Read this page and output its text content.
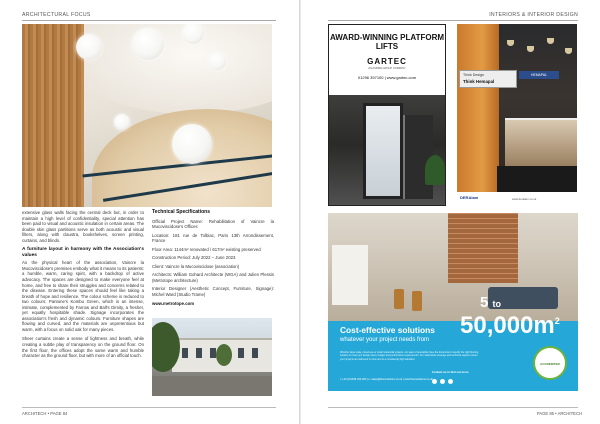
ARCHITECTURAL FOCUS

extensive glass walls facing the central deck but, in order to maintain a high level of confidentiality, special attention has been paid to visual and acoustic insulation in certain areas. The double skin glass partitions serve as both acoustic and visual filters, along with claustra, bookshelves, screen printing, curtains, and blinds.

A furniture layout in harmony with the Association's values

As the physical heart of the association, Vaincre la Mucoviscidose's premises embody what it means to its patients: a humble, warm, caring spirit, with a backdrop of active advocacy. The spaces are designed to make everyone feel at home, and free to share their struggles and concerns related to the disease. Entering these spaces should feel like taking a breath of hope and resilience. The colour scheme is reduced to two colours: Pantone's Kombu Green, which is an intense, intimate, complemented by Farrow and Ball's Dimity, a fresher, yet equally hospitable shade. Signage incorporates the association's fresh and dynamic colours. Furniture shapes are flowing and curved, and the materials are unpretentious but warm, with a focus on solid oak for many pieces.

Sheer curtains create a sense of lightness and breath, while creating a subtle play of transparency on the ground floor. On the first floor, the offices adopt the same warm and humble character as the ground floor, but with more of an official touch.

Technical Specifications

Official Project Name: Rehabilitation of Vaincre la Mucoviscidose's Offices

Location: 181 rue de Tolbiac, Paris 13th Arrondissement, France

Floor Area: 1144m² renovated / 617m² existing preserved

Construction Period: July 2022 – June 2023

Client: Vaincre la Mucoviscidose (association)

Architects: William Gohard Architecte (WGA) and Julien Plessis (Metrotope architecture)

Interior Designer (Aesthetic Concept, Furniture, Signage): Michel Ward (Studio Trame)

www.metrotope.com

ARCHITECH • PAGE 84
INTERIORS & INTERIOR DESIGN
AWARD-WINNING PLATFORM LIFTS
GARTEC
AN ASPIRE GROUP COMPANY
01296 397100 | www.gartec.com	Think Design
Think Hemapal
HEMAPAL
DERAlam	www.deralam.co.uk
Cost-effective solutions
whatever your project needs from
5 to
$50,000m^2$
Whether large scale, mixed-use or small residential projects, our team of specialists have the know-how to specify the right flooring solution to meet your design intent, budget and performance requirements. Our nationwide coverage and technical support ensure your projects are delivered on time and to a consistently high standard.
Contact us to find out more
t: +44 (0)1635 232 000 | e: sales@floorsolutions.co.uk | www.floorsolutions.co.uk
ACCREDITED
PAGE 85 • ARCHITECH
